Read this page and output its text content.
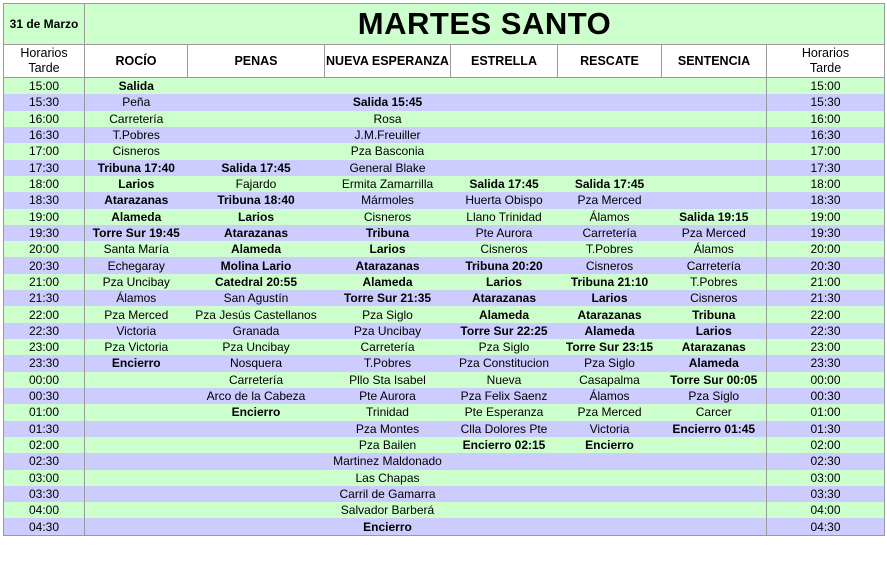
31 de Marzo	MARTES SANTO						
Horarios
Tarde	ROCÍO	PENAS	NUEVA ESPERANZA	ESTRELLA	RESCATE	SENTENCIA	Horarios
Tarde
15:00	Salida						15:00
15:30	Peña		Salida 15:45				15:30
16:00	Carretería		Rosa				16:00
16:30	T.Pobres		J.M.Freuiller				16:30
17:00	Cisneros		Pza Basconia				17:00
17:30	Tribuna 17:40	Salida 17:45	General Blake				17:30
18:00	Larios	Fajardo	Ermita Zamarrilla	Salida 17:45	Salida 17:45		18:00
18:30	Atarazanas	Tribuna 18:40	Mármoles	Huerta Obispo	Pza Merced		18:30
19:00	Alameda	Larios	Cisneros	Llano Trinidad	Álamos	Salida 19:15	19:00
19:30	Torre Sur 19:45	Atarazanas	Tribuna	Pte Aurora	Carretería	Pza Merced	19:30
20:00	Santa María	Alameda	Larios	Cisneros	T.Pobres	Álamos	20:00
20:30	Echegaray	Molina Lario	Atarazanas	Tribuna 20:20	Cisneros	Carretería	20:30
21:00	Pza Uncibay	Catedral 20:55	Alameda	Larios	Tribuna 21:10	T.Pobres	21:00
21:30	Álamos	San Agustín	Torre Sur 21:35	Atarazanas	Larios	Cisneros	21:30
22:00	Pza Merced	Pza Jesús Castellanos	Pza Siglo	Alameda	Atarazanas	Tribuna	22:00
22:30	Victoria	Granada	Pza Uncibay	Torre Sur 22:25	Alameda	Larios	22:30
23:00	Pza Victoria	Pza Uncibay	Carretería	Pza Siglo	Torre Sur 23:15	Atarazanas	23:00
23:30	Encierro	Nosquera	T.Pobres	Pza Constitucion	Pza Siglo	Alameda	23:30
00:00		Carretería	Pllo Sta Isabel	Nueva	Casapalma	Torre Sur 00:05	00:00
00:30		Arco de la Cabeza	Pte Aurora	Pza Felix Saenz	Álamos	Pza Siglo	00:30
01:00		Encierro	Trinidad	Pte Esperanza	Pza Merced	Carcer	01:00
01:30			Pza Montes	Clla Dolores Pte	Victoria	Encierro 01:45	01:30
02:00			Pza Bailen	Encierro 02:15	Encierro		02:00
02:30			Martinez Maldonado				02:30
03:00			Las Chapas				03:00
03:30			Carril de Gamarra				03:30
04:00			Salvador Barberá				04:00
04:30			Encierro				04:30
